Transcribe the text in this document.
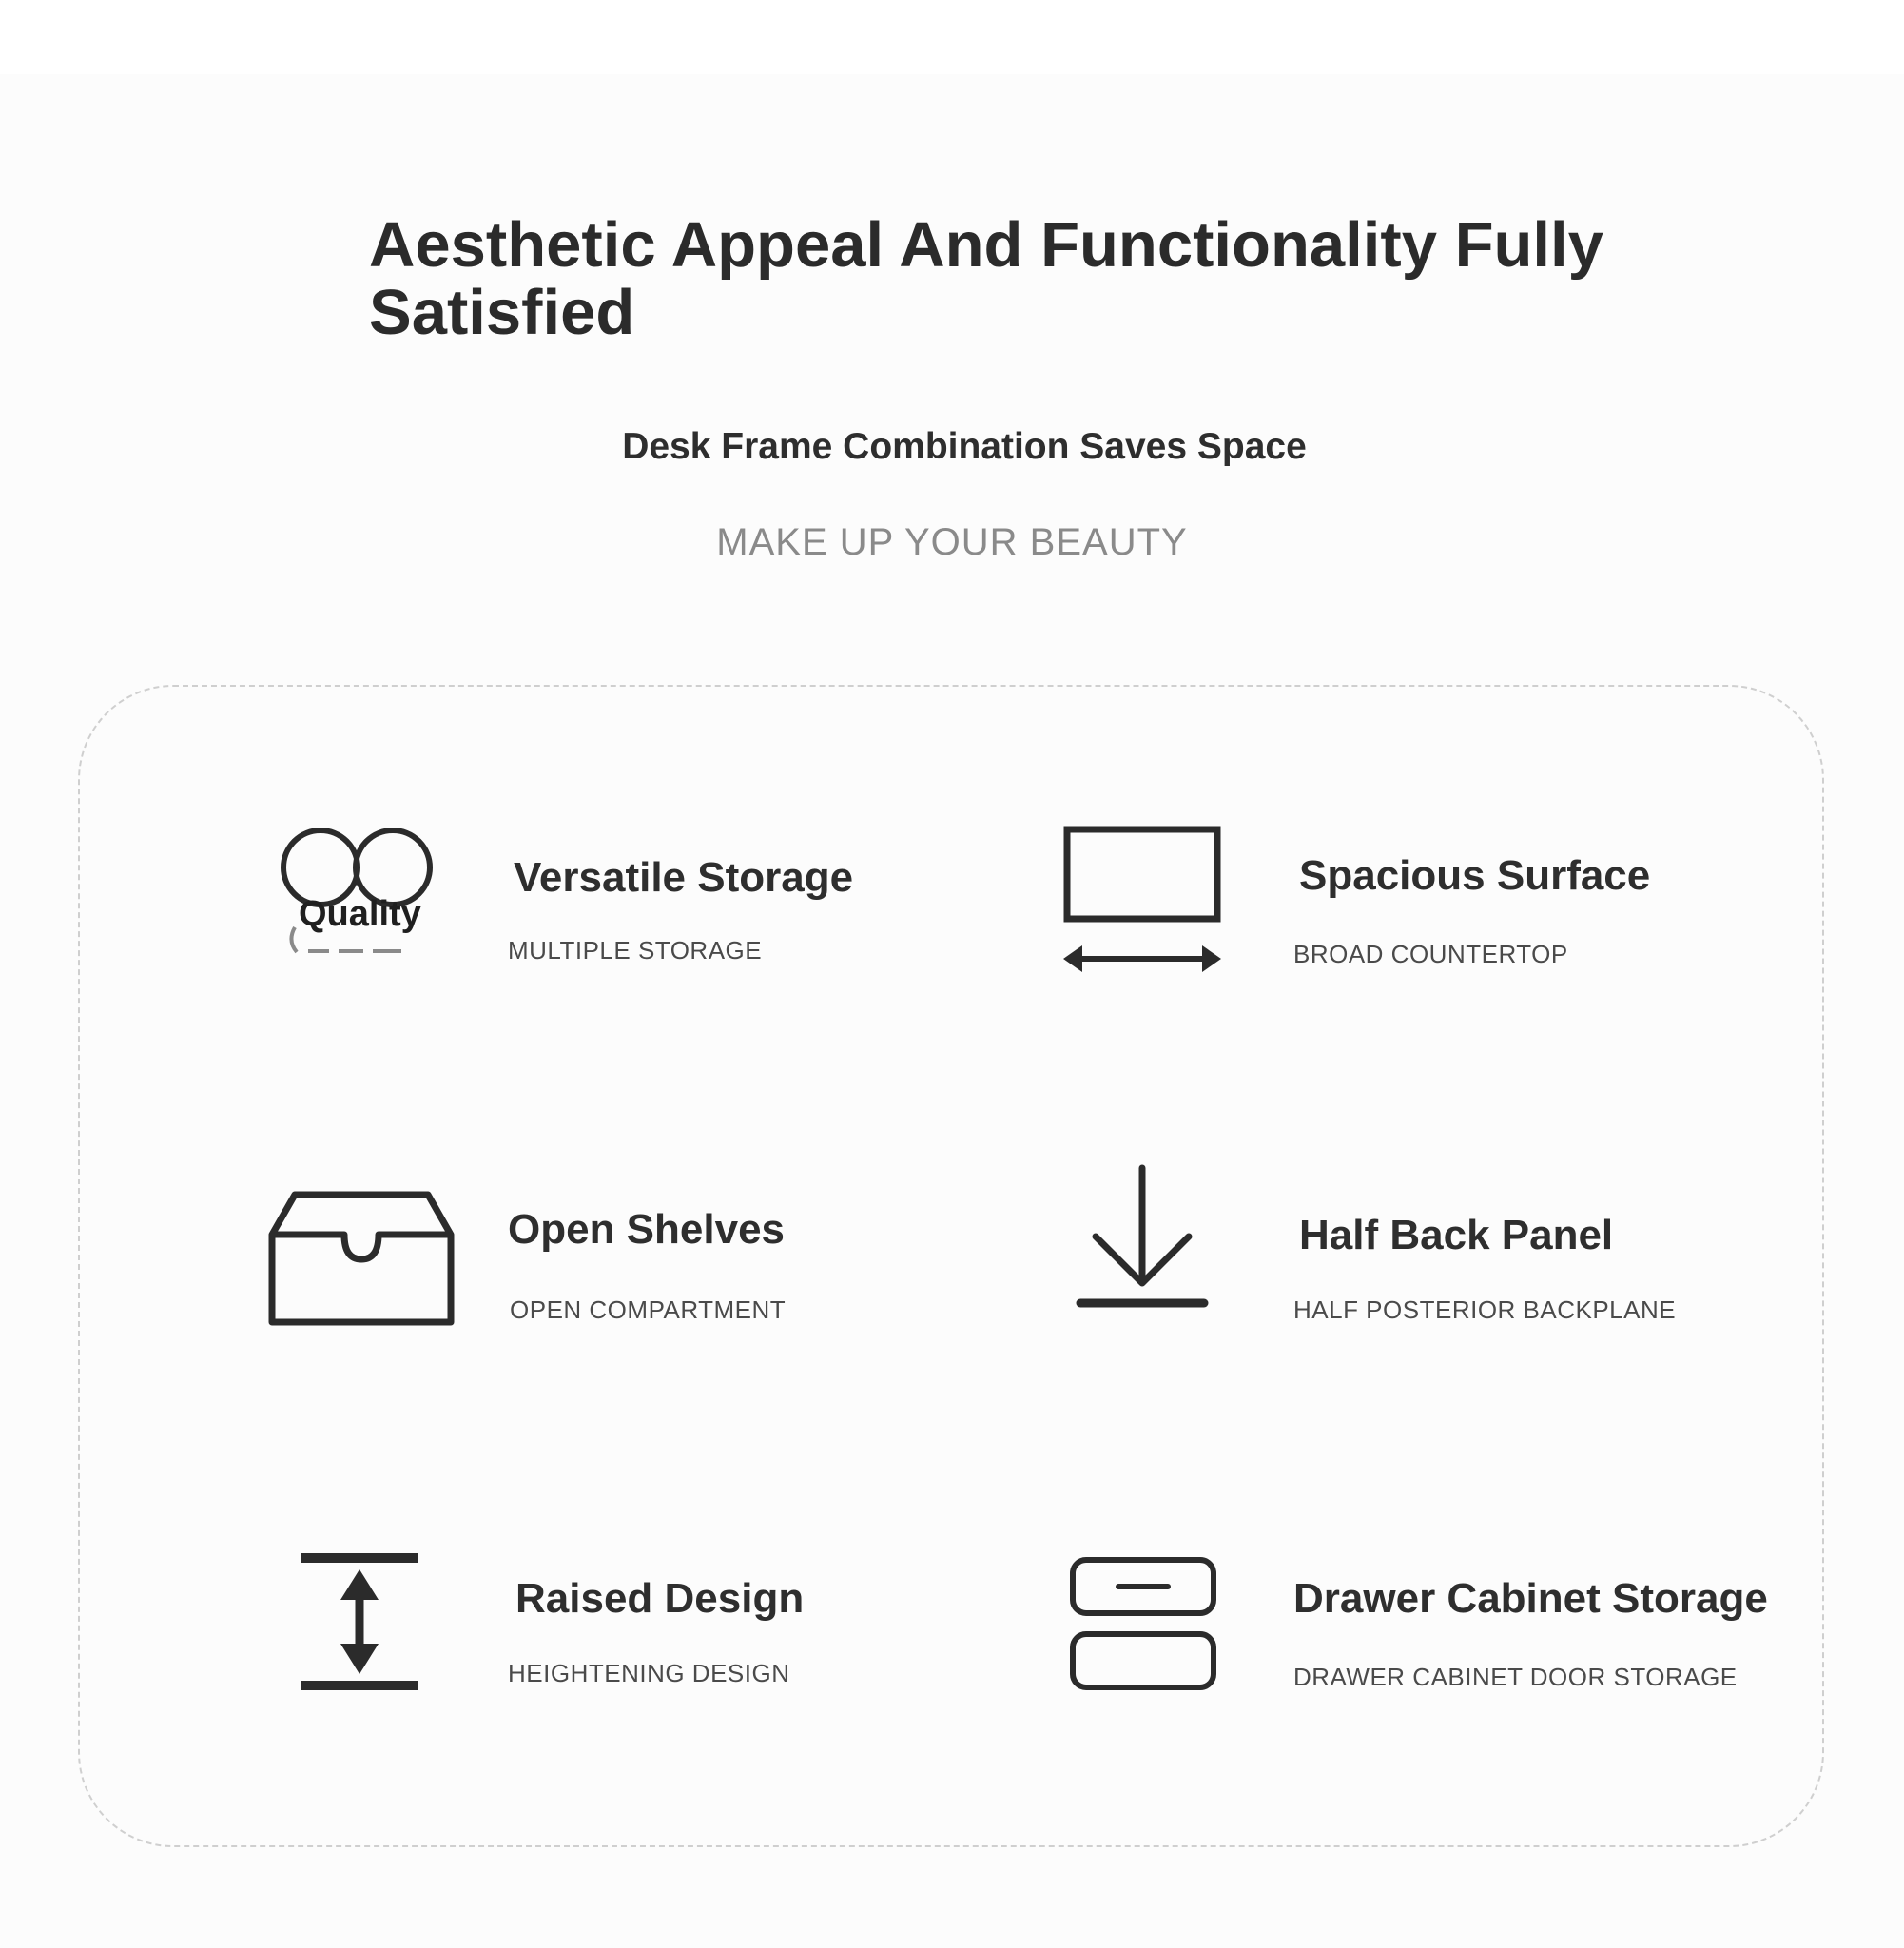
Aesthetic Appeal And Functionality Fully Satisfied
Desk Frame Combination Saves Space
MAKE UP YOUR BEAUTY
Quality
Versatile Storage
MULTIPLE STORAGE
Spacious Surface
BROAD COUNTERTOP
Open Shelves
OPEN COMPARTMENT
Half Back Panel
HALF POSTERIOR BACKPLANE
Raised Design
HEIGHTENING DESIGN
Drawer Cabinet Storage
DRAWER CABINET DOOR STORAGE
